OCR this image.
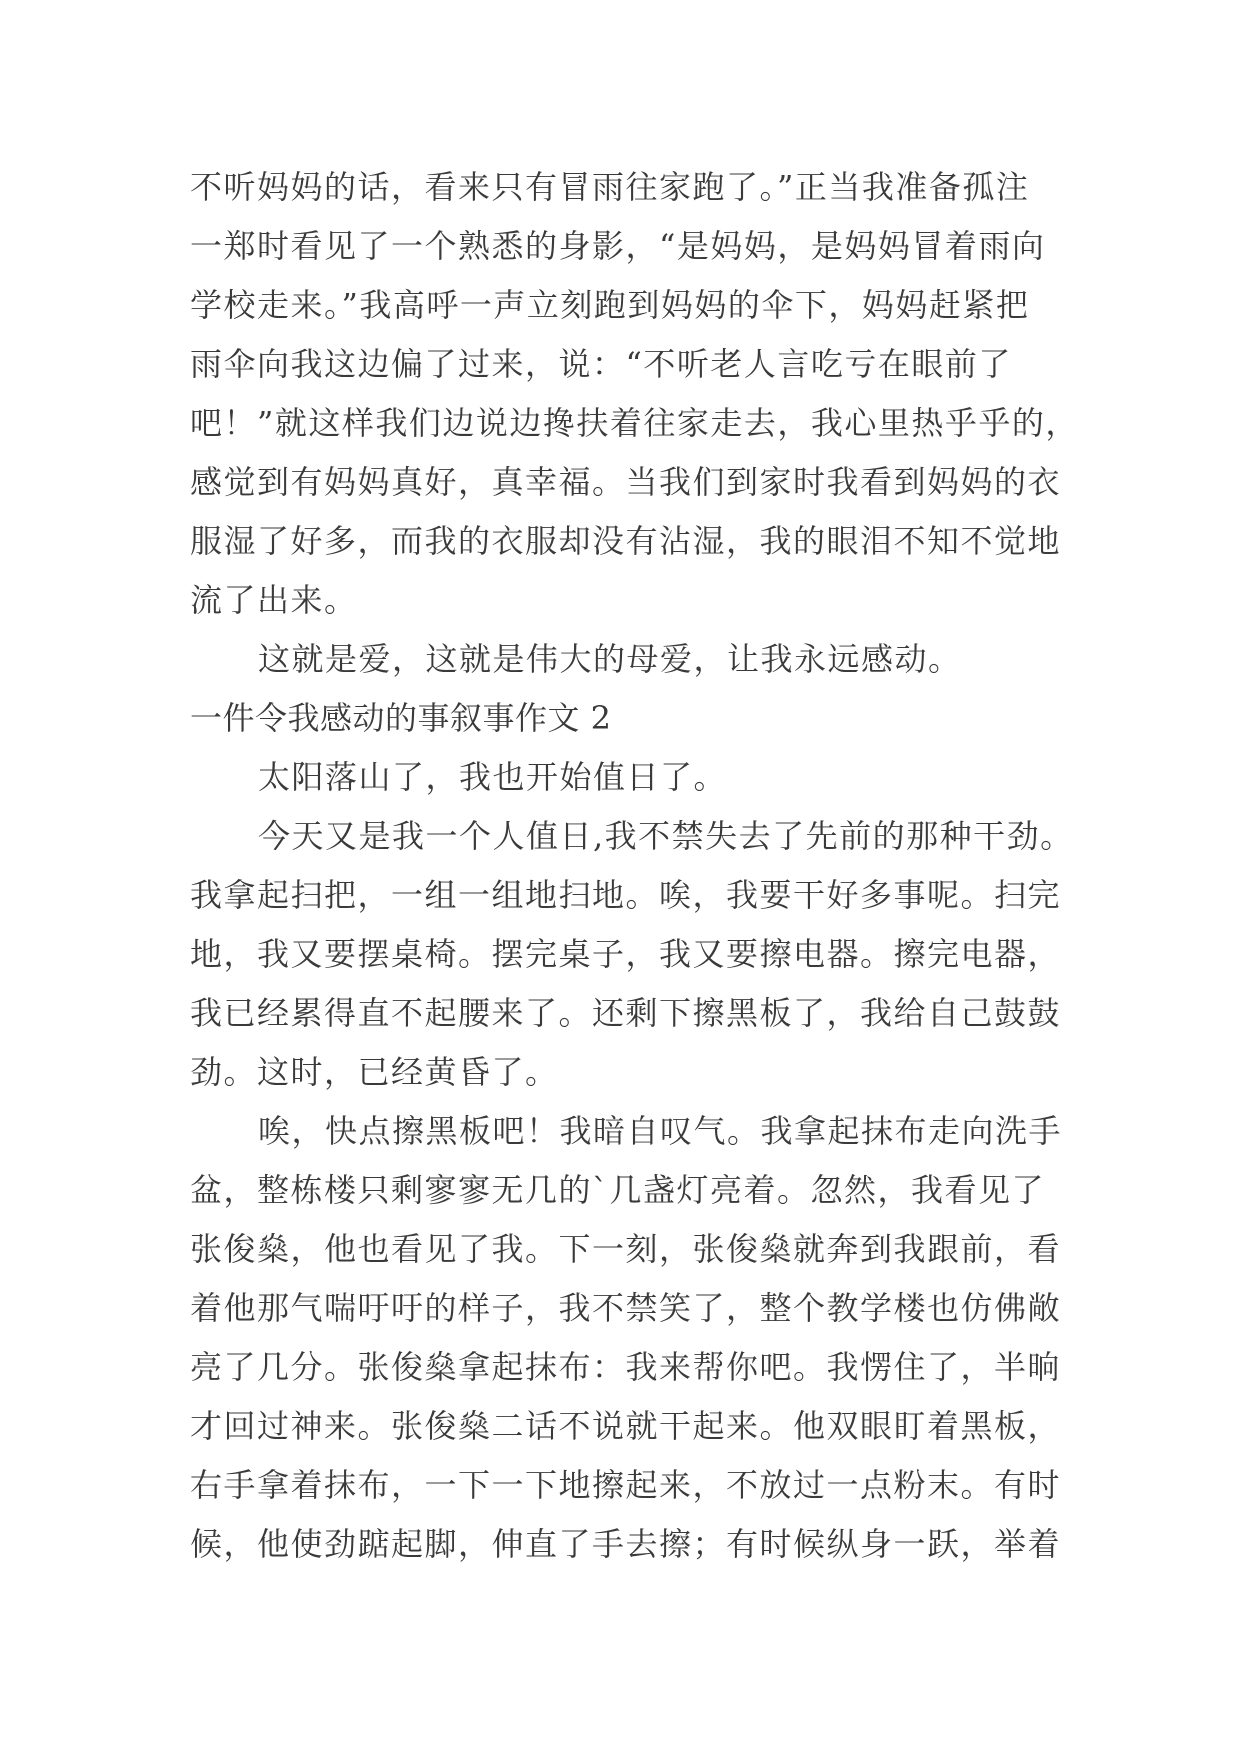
不听妈妈的话，看来只有冒雨往家跑了。”正当我准备孤注
一郑时看见了一个熟悉的身影，“是妈妈，是妈妈冒着雨向
学校走来。”我高呼一声立刻跑到妈妈的伞下，妈妈赶紧把
雨伞向我这边偏了过来，说：“不听老人言吃亏在眼前了
吧！”就这样我们边说边搀扶着往家走去，我心里热乎乎的，
感觉到有妈妈真好，真幸福。当我们到家时我看到妈妈的衣
服湿了好多，而我的衣服却没有沾湿，我的眼泪不知不觉地
流了出来。
这就是爱，这就是伟大的母爱，让我永远感动。
一件令我感动的事叙事作文 2
太阳落山了，我也开始值日了。
今天又是我一个人值日,我不禁失去了先前的那种干劲。
我拿起扫把，一组一组地扫地。唉，我要干好多事呢。扫完
地，我又要摆桌椅。摆完桌子，我又要擦电器。擦完电器，
我已经累得直不起腰来了。还剩下擦黑板了，我给自己鼓鼓
劲。这时，已经黄昏了。
唉，快点擦黑板吧！我暗自叹气。我拿起抹布走向洗手
盆，整栋楼只剩寥寥无几的`几盏灯亮着。忽然，我看见了
张俊燊，他也看见了我。下一刻，张俊燊就奔到我跟前，看
着他那气喘吁吁的样子，我不禁笑了，整个教学楼也仿佛敞
亮了几分。张俊燊拿起抹布：我来帮你吧。我愣住了，半晌
才回过神来。张俊燊二话不说就干起来。他双眼盯着黑板，
右手拿着抹布，一下一下地擦起来，不放过一点粉末。有时
候，他使劲踮起脚，伸直了手去擦；有时候纵身一跃，举着
